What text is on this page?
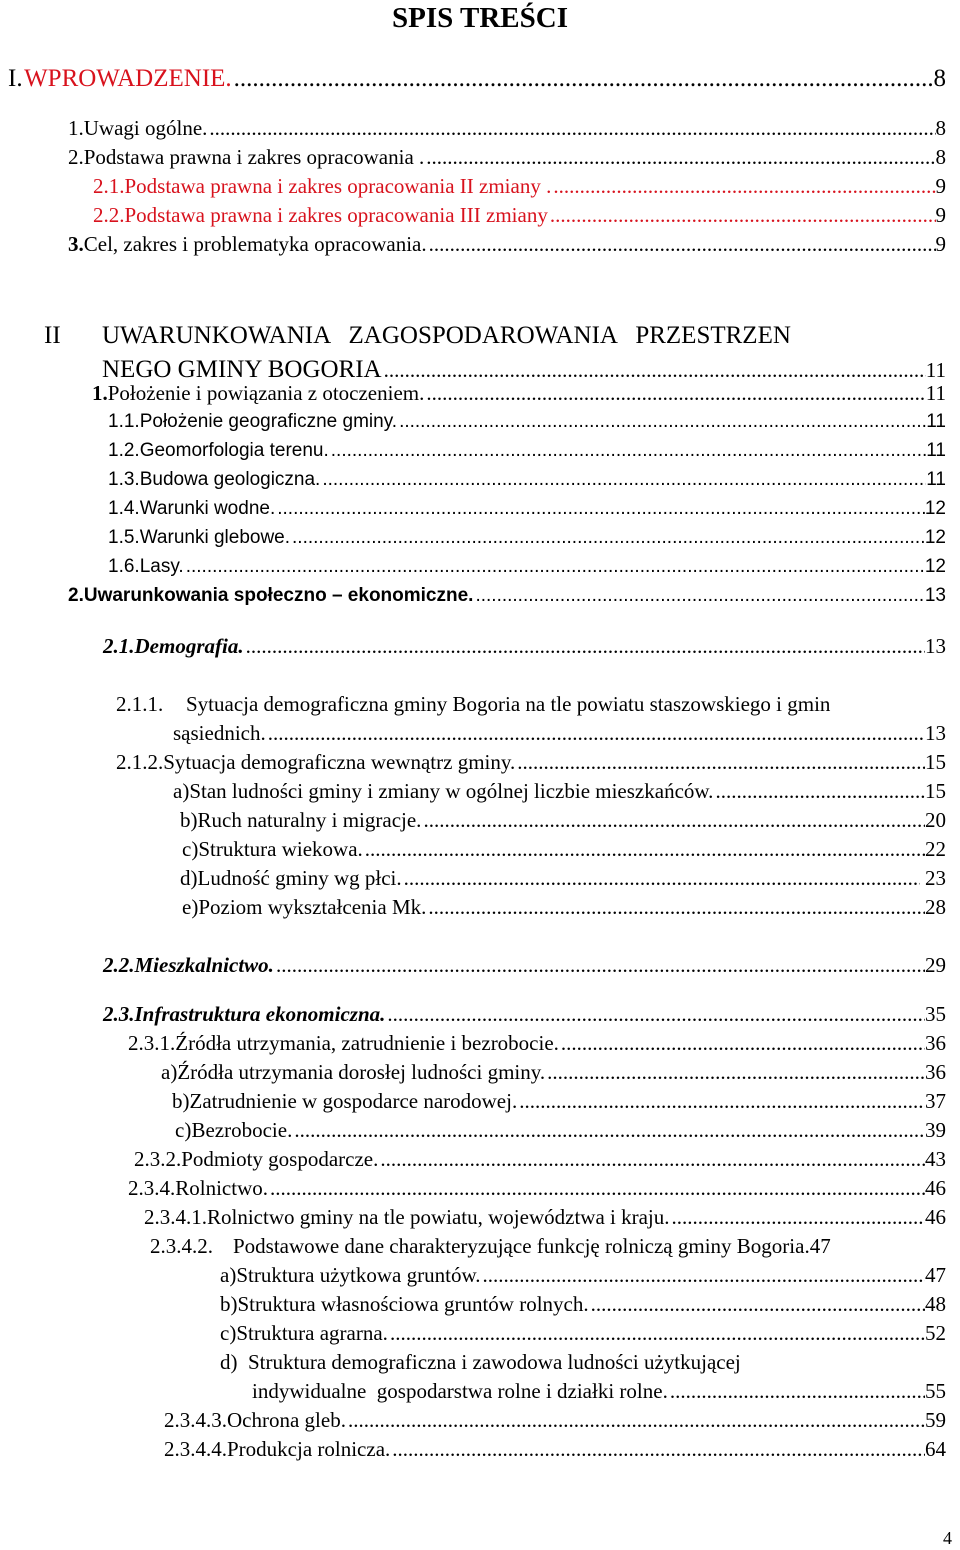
SPIS TREŚCI
I. WPROWADZENIE. .....	8
1. Uwagi ogólne. .....	8
2. Podstawa prawna i zakres opracowania . .....	8
2.1. Podstawa prawna i zakres opracowania II zmiany . .....	9
2.2. Podstawa prawna i zakres opracowania III zmiany .....	9
3. Cel, zakres i problematyka opracowania. .....	9
II UWARUNKOWANIA   ZAGOSPODAROWANIA   PRZESTRZEN
NEGO GMINY BOGORIA .....	11
1. Położenie i powiązania z otoczeniem. .....	11
1.1. Położenie geograficzne gminy. .....	11
1.2. Geomorfologia terenu. .....	11
1.3. Budowa geologiczna. .....	11
1.4. Warunki wodne. .....	12
1.5. Warunki glebowe. .....	12
1.6. Lasy. .....	12
2. Uwarunkowania społeczno – ekonomiczne. .....	13
2.1. Demografia. .....	13
2.1.1. Sytuacja demograficzna gminy Bogoria na tle powiatu staszowskiego i gmin
sąsiednich. .....	13
2.1.2. Sytuacja demograficzna wewnątrz gminy. .....	15
a) Stan ludności gminy i zmiany w ogólnej liczbie mieszkańców. .....	15
b) Ruch naturalny i migracje. .....	20
c) Struktura wiekowa. .....	22
d) Ludność gminy wg płci. .....	23
e) Poziom wykształcenia Mk. .....	28
2.2. Mieszkalnictwo. .....	29
2.3. Infrastruktura ekonomiczna. .....	35
2.3.1. Źródła utrzymania, zatrudnienie i bezrobocie. .....	36
a) Źródła utrzymania dorosłej ludności gminy. .....	36
b) Zatrudnienie w gospodarce narodowej. .....	37
c) Bezrobocie. .....	39
2.3.2. Podmioty gospodarcze. .....	43
2.3.4. Rolnictwo. .....	46
2.3.4.1. Rolnictwo gminy na tle powiatu, województwa i kraju. .....	46
2.3.4.2. Podstawowe dane charakteryzujące funkcję rolniczą gminy Bogoria. 47
a) Struktura użytkowa gruntów. .....	47
b) Struktura własnościowa gruntów rolnych. .....	48
c) Struktura agrarna. .....	52
d) Struktura demograficzna i zawodowa ludności użytkującej
indywidualne  gospodarstwa rolne i działki rolne. .....	55
2.3.4.3. Ochrona gleb. .....	59
2.3.4.4. Produkcja rolnicza. .....	64
4
